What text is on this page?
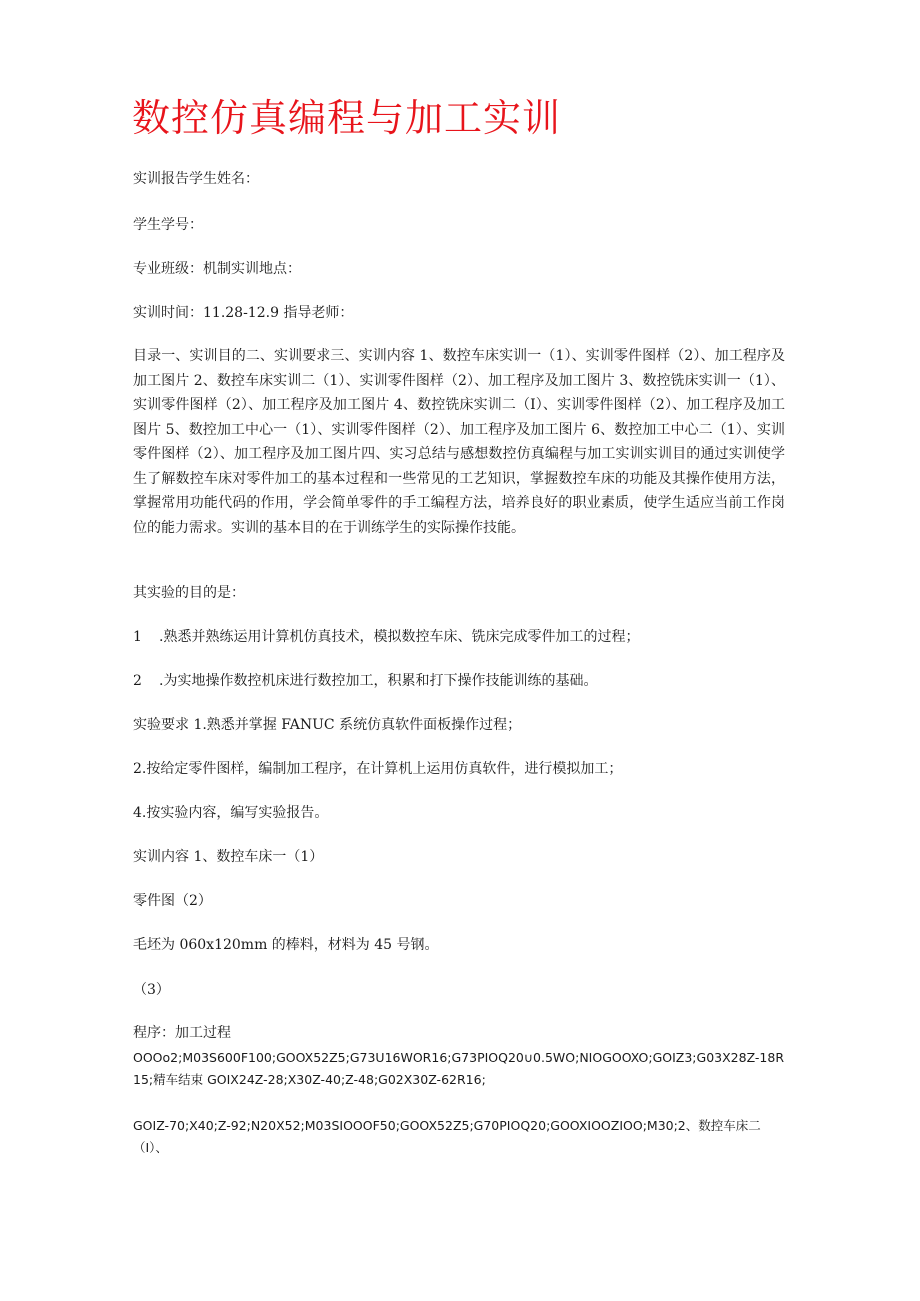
数控仿真编程与加工实训
实训报告学生姓名：
学生学号：
专业班级：机制实训地点：
实训时间：11.28-12.9 指导老师：
目录一、实训目的二、实训要求三、实训内容 1、数控车床实训一（1）、实训零件图样（2）、加工程序及加工图片 2、数控车床实训二（1）、实训零件图样（2）、加工程序及加工图片 3、数控铣床实训一（1）、实训零件图样（2）、加工程序及加工图片 4、数控铣床实训二（I）、实训零件图样（2）、加工程序及加工图片 5、数控加工中心一（1）、实训零件图样（2）、加工程序及加工图片 6、数控加工中心二（1）、实训零件图样（2）、加工程序及加工图片四、实习总结与感想数控仿真编程与加工实训实训目的通过实训使学生了解数控车床对零件加工的基本过程和一些常见的工艺知识，掌握数控车床的功能及其操作使用方法，掌握常用功能代码的作用，学会简单零件的手工编程方法，培养良好的职业素质，使学生适应当前工作岗位的能力需求。实训的基本目的在于训练学生的实际操作技能。
其实验的目的是：
1 .熟悉并熟练运用计算机仿真技术，模拟数控车床、铣床完成零件加工的过程；
2 .为实地操作数控机床进行数控加工，积累和打下操作技能训练的基础。
实验要求 1.熟悉并掌握 FANUC 系统仿真软件面板操作过程；
2.按给定零件图样，编制加工程序，在计算机上运用仿真软件，进行模拟加工；
4.按实验内容，编写实验报告。
实训内容 1、数控车床一（1）
零件图（2）
毛坯为 060x120mm 的棒料，材料为 45 号钢。
（3）
程序：加工过程
OOOo2;M03S600F100;GOOX52Z5;G73U16WOR16;G73PIOQ20∪0.5WO;NIOGOOXO;GOIZ3;G03X28Z-18R15;精车结束 GOIX24Z-28;X30Z-40;Z-48;G02X30Z-62R16;
GOIZ-70;X40;Z-92;N20X52;M03SIOOOF50;GOOX52Z5;G70PIOQ20;GOOXIOOZIOO;M30;2、数控车床二（I）、
